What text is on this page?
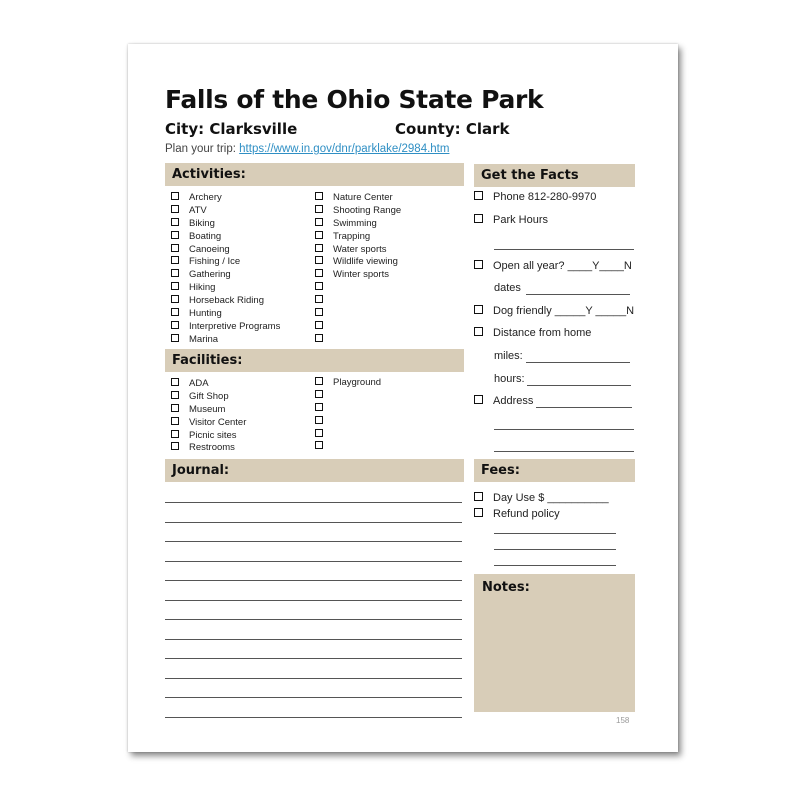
Falls of the Ohio State Park
City: Clarksville	County: Clark
Plan your trip: https://www.in.gov/dnr/parklake/2984.htm
Activities:
Archery
ATV
Biking
Boating
Canoeing
Fishing / Ice
Gathering
Hiking
Horseback Riding
Hunting
Interpretive Programs
Marina
Nature Center
Shooting Range
Swimming
Trapping
Water sports
Wildlife viewing
Winter sports
Facilities:
ADA
Gift Shop
Museum
Visitor Center
Picnic sites
Restrooms
Playground
Journal:
Get the Facts
Phone 812-280-9970
Park Hours
Open all year? ____Y____N
dates
Dog friendly _____Y _____N
Distance from home
miles:
hours:
Address
Fees:
Day Use $ __________
Refund policy
Notes:
158
